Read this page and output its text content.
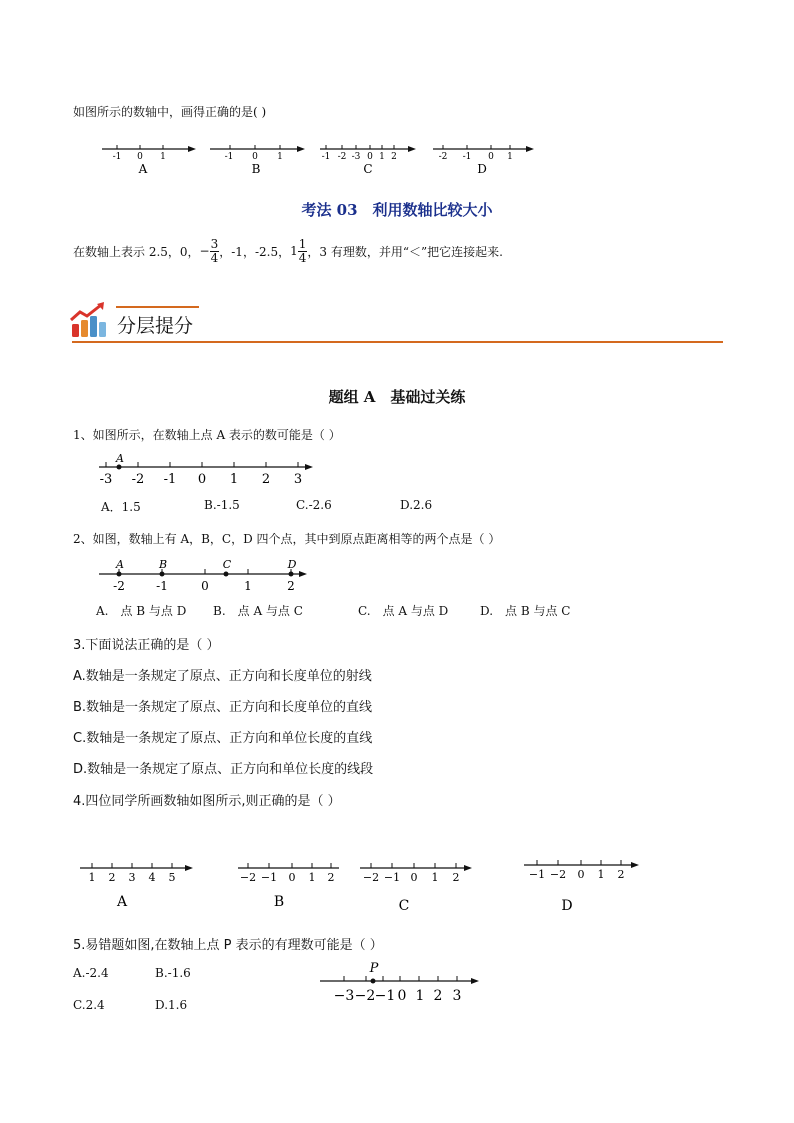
如图所示的数轴中，画得正确的是( )
-1 0 1
A
-1 0 1
B
-1 -2 -3 0 1 2
C
-2 -1 0 1
D
考法 03　利用数轴比较大小
在数轴上表示 2.5，0， − $\frac{3}{4}$ ，-1，-2.5， $1 \frac{1}{4}$ ，3 有理数，并用“＜”把它连接起来.
分层提分
题组 A　基础过关练
1、如图所示，在数轴上点 A 表示的数可能是（ ）
A
-3 -2 -1 0 1 2 3
A．1.5	B.-1.5	C.-2.6	D.2.6
2、如图，数轴上有 A，B，C，D 四个点，其中到原点距离相等的两个点是（ ）
A	B	C	D
-2	-1	0	1	2
A.　点 B 与点 D B.　点 A 与点 C	C.　点 A 与点 D	D.　点 B 与点 C
3.下面说法正确的是（ ）
A.数轴是一条规定了原点、正方向和长度单位的射线
B.数轴是一条规定了原点、正方向和长度单位的直线
C.数轴是一条规定了原点、正方向和单位长度的直线
D.数轴是一条规定了原点、正方向和单位长度的线段
4.四位同学所画数轴如图所示,则正确的是（ ）
1 2 3 4 5
A
−2 −1 0 1 2
B
−2 −1 0 1 2
C
−1 −2 0 1 2
D
5.易错题如图,在数轴上点 P 表示的有理数可能是（ ）
A.-2.4	B.-1.6
C.2.4	D.1.6
P
−3 −2 −1 0 1 2 3
